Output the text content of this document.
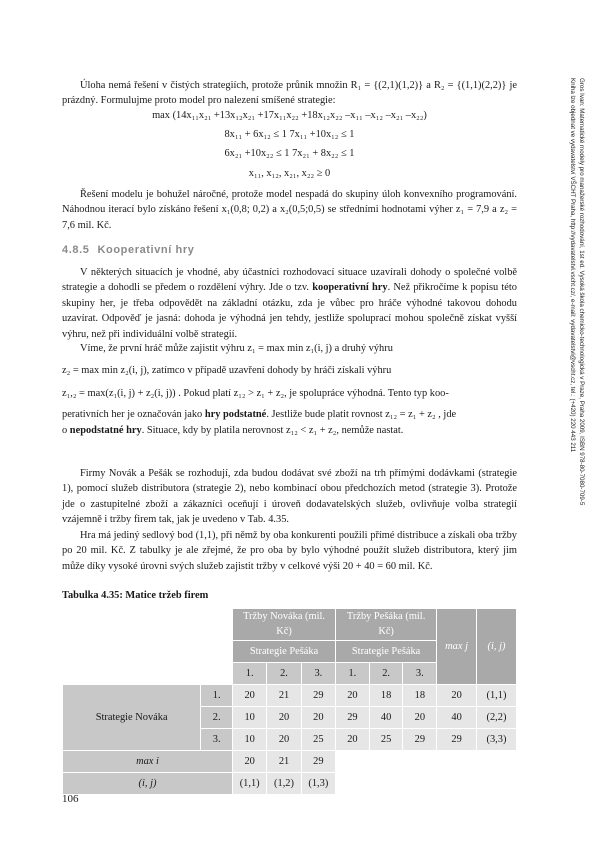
Úloha nemá řešení v čistých strategiích, protože průnik množin R₁ = {(2,1)(1,2)} a R₂ = {(1,1)(2,2)} je prázdný. Formulujme proto model pro nalezení smíšené strategie:

max (14x₁₁x₂₁ +13x₁₂x₂₁ +17x₁₁x₂₂ +18x₁₂x₂₂ –x₁₁ –x₁₂ –x₂₁ –x₂₂)
8x₁₁ + 6x₁₂ ≤ 1 7x₁₁ +10x₁₂ ≤ 1
6x₂₁ +10x₂₂ ≤ 1 7x₂₁ + 8x₂₂ ≤ 1
x₁₁, x₁₂, x₂₁, x₂₂ ≥ 0

Řešení modelu je bohužel náročné, protože model nespadá do skupiny úloh konvexního programování. Náhodnou iterací bylo získáno řešení x₁(0,8; 0,2) a x₂(0,5;0,5) se středními hodnotami výher z₁ = 7,9 a z₂ = 7,6 mil. Kč.

4.8.5 Kooperativní hry

V některých situacích je vhodné, aby účastníci rozhodovací situace uzavírali dohody o společné volbě strategie a dohodli se předem o rozdělení výhry. Jde o tzv. kooperativní hry. Než přikročíme k popisu této skupiny her, je třeba odpovědět na základní otázku, zda je vůbec pro hráče výhodné takovou dohodu uzavírat. Odpověď je jasná: dohoda je výhodná jen tehdy, jestliže spoluprací mohou společně získat vyšší výhru, než při individuální volbě strategií.

Víme, že první hráč může zajistit výhru z₁ = max min z₁(i, j) a druhý výhru
z₂ = max min z₂(i, j), zatímco v případě uzavření dohody by hráči získali výhru
z₁,₂ = max(z₁(i, j) + z₂(i, j)) . Pokud platí z₁₂ > z₁ + z₂, je spolupráce výhodná. Tento typ koo-
perativních her je označován jako hry podstatné. Jestliže bude platit rovnost z₁₂ = z₁ + z₂ , jde
o nepodstatné hry. Situace, kdy by platila nerovnost z₁₂ < z₁ + z₂, nemůže nastat.

Firmy Novák a Pešák se rozhodují, zda budou dodávat své zboží na trh přímými dodávkami (strategie 1), pomocí služeb distributora (strategie 2), nebo kombinací obou předchozích metod (strategie 3). Protože jde o zastupitelné zboží a zákazníci oceňují i úroveň dodavatelských služeb, ovlivňuje volba strategií vzájemně i tržby firem tak, jak je uvedeno v Tab. 4.35.

Hra má jediný sedlový bod (1,1), při němž by oba konkurenti použili přímé distribuce a získali oba tržby po 20 mil. Kč. Z tabulky je ale zřejmé, že pro oba by bylo výhodné použít služeb distributora, který jim může díky vysoké úrovni svých služeb zajistit tržby v celkové výši 20 + 40 = 60 mil. Kč.

Tabulka 4.35: Matice tržeb firem
		Tržby Nováka (mil. Kč)			Tržby Pešáka (mil. Kč)			max j	(i, j)
		Strategie Pešáka			Strategie Pešáka				
		1.	2.	3.	1.	2.	3.		
Strategie Nováka	1.	20	21	29	20	18	18	20	(1,1)
	2.	10	20	20	29	40	20	40	(2,2)
	3.	10	20	25	20	25	29	29	(3,3)
max i		20	21	29					
(i, j)		(1,1)	(1,2)	(1,3)					
Gros Ivan: Matematické modely pro manažerské rozhodování, 1st ed. Vysoká škola chemicko-technologická v Praze, Praha 2009, ISBN 978-80-7080-709-5
Kniha lze objednat ve vydavatelství VŠCHT Praha, http://vydavatelstvi.vscht.cz/, e-mail: vydavatelstvi@vscht.cz, tel.: (+420) 220 443 211
106
